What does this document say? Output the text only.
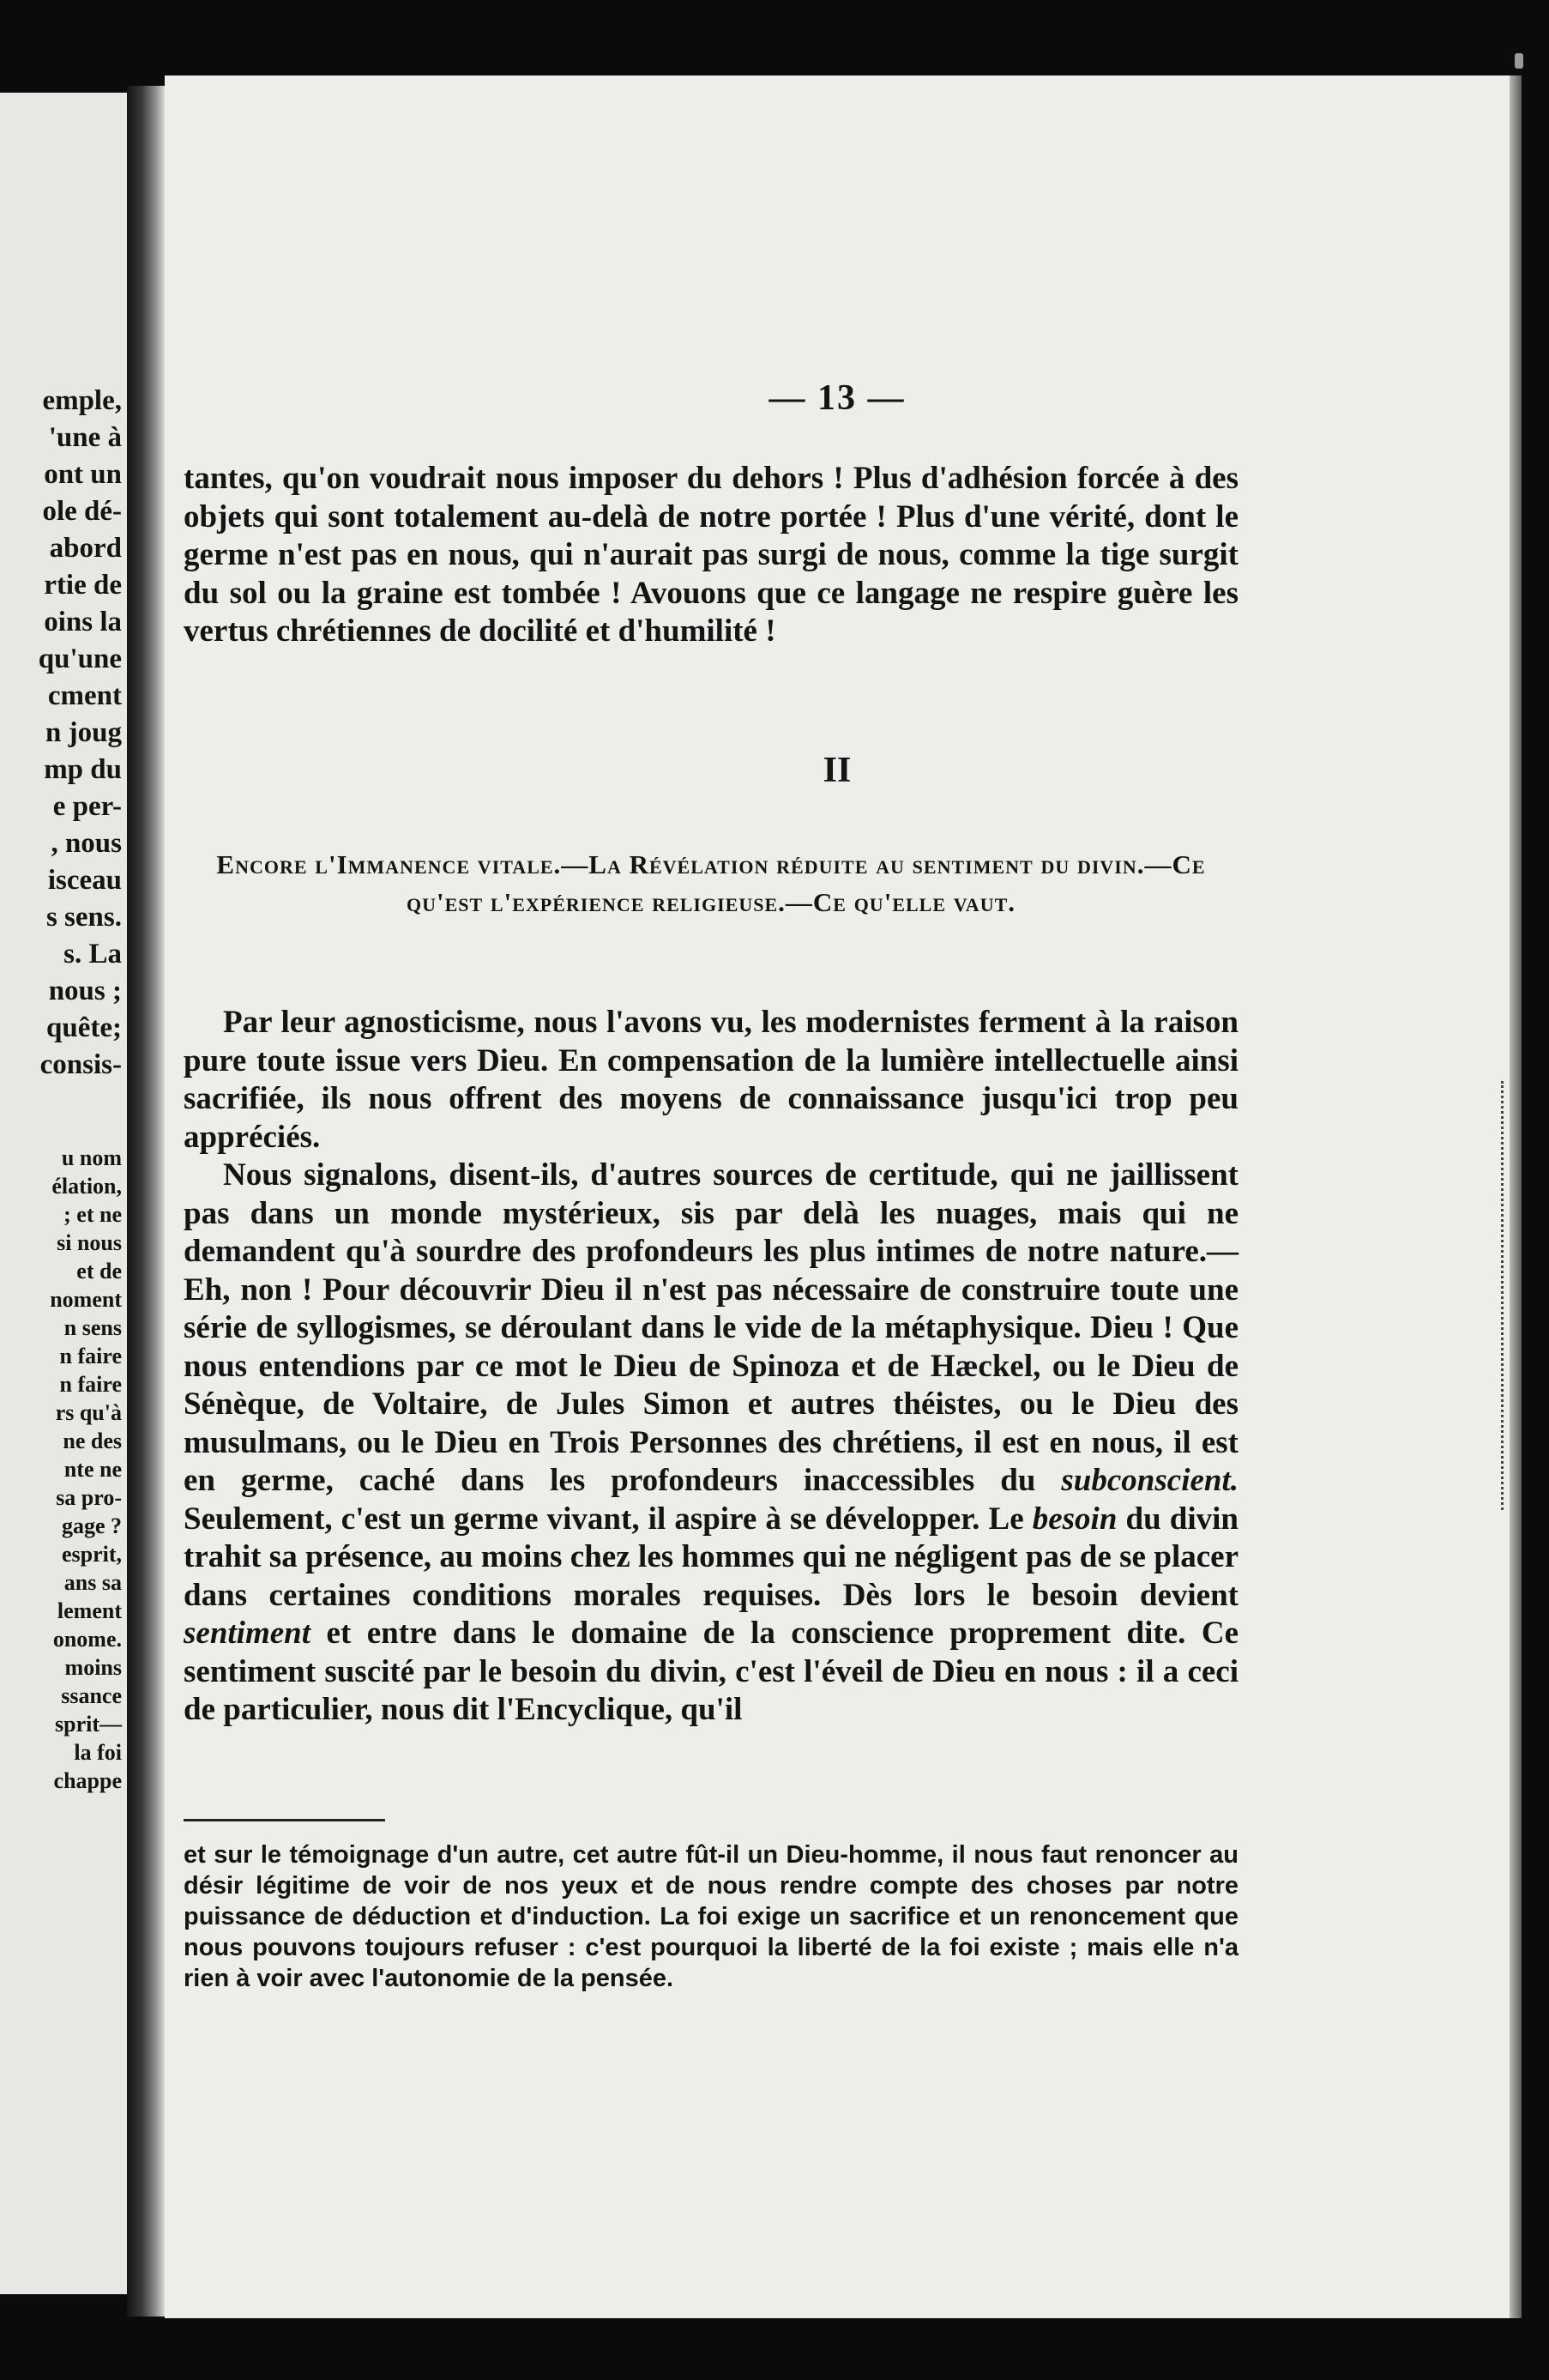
emple,
'une à
ont un
ole dé-
abord
rtie de
oins la
qu'une
cment
n joug
mp du
e per-
, nous
isceau
s sens.
s. La
nous ;
quête;
consis-
u nom
élation,
; et ne
si nous
et de
noment
n sens
n faire
n faire
rs qu'à
ne des
nte ne
sa pro-
gage ?
esprit,
ans sa
lement
onome.
moins
ssance
sprit—
la foi
chappe
— 13 —

tantes, qu'on voudrait nous imposer du dehors ! Plus d'adhésion forcée à des objets qui sont totalement au-delà de notre portée ! Plus d'une vérité, dont le germe n'est pas en nous, qui n'aurait pas surgi de nous, comme la tige surgit du sol ou la graine est tombée ! Avouons que ce langage ne respire guère les vertus chrétiennes de docilité et d'humilité !

II

Encore l'Immanence vitale.—La Révélation réduite au sentiment du divin.—Ce qu'est l'expérience religieuse.—Ce qu'elle vaut.

Par leur agnosticisme, nous l'avons vu, les modernistes ferment à la raison pure toute issue vers Dieu. En compensation de la lumière intellectuelle ainsi sacrifiée, ils nous offrent des moyens de connaissance jusqu'ici trop peu appréciés.

Nous signalons, disent-ils, d'autres sources de certitude, qui ne jaillissent pas dans un monde mystérieux, sis par delà les nuages, mais qui ne demandent qu'à sourdre des profondeurs les plus intimes de notre nature.—Eh, non ! Pour découvrir Dieu il n'est pas nécessaire de construire toute une série de syllogismes, se déroulant dans le vide de la métaphysique. Dieu ! Que nous entendions par ce mot le Dieu de Spinoza et de Hæckel, ou le Dieu de Sénèque, de Voltaire, de Jules Simon et autres théistes, ou le Dieu des musulmans, ou le Dieu en Trois Personnes des chrétiens, il est en nous, il est en germe, caché dans les profondeurs inaccessibles du subconscient. Seulement, c'est un germe vivant, il aspire à se développer. Le besoin du divin trahit sa présence, au moins chez les hommes qui ne négligent pas de se placer dans certaines conditions morales requises. Dès lors le besoin devient sentiment et entre dans le domaine de la conscience proprement dite. Ce sentiment suscité par le besoin du divin, c'est l'éveil de Dieu en nous : il a ceci de particulier, nous dit l'Encyclique, qu'il

et sur le témoignage d'un autre, cet autre fût-il un Dieu-homme, il nous faut renoncer au désir légitime de voir de nos yeux et de nous rendre compte des choses par notre puissance de déduction et d'induction. La foi exige un sacrifice et un renoncement que nous pouvons toujours refuser : c'est pourquoi la liberté de la foi existe ; mais elle n'a rien à voir avec l'autonomie de la pensée.
